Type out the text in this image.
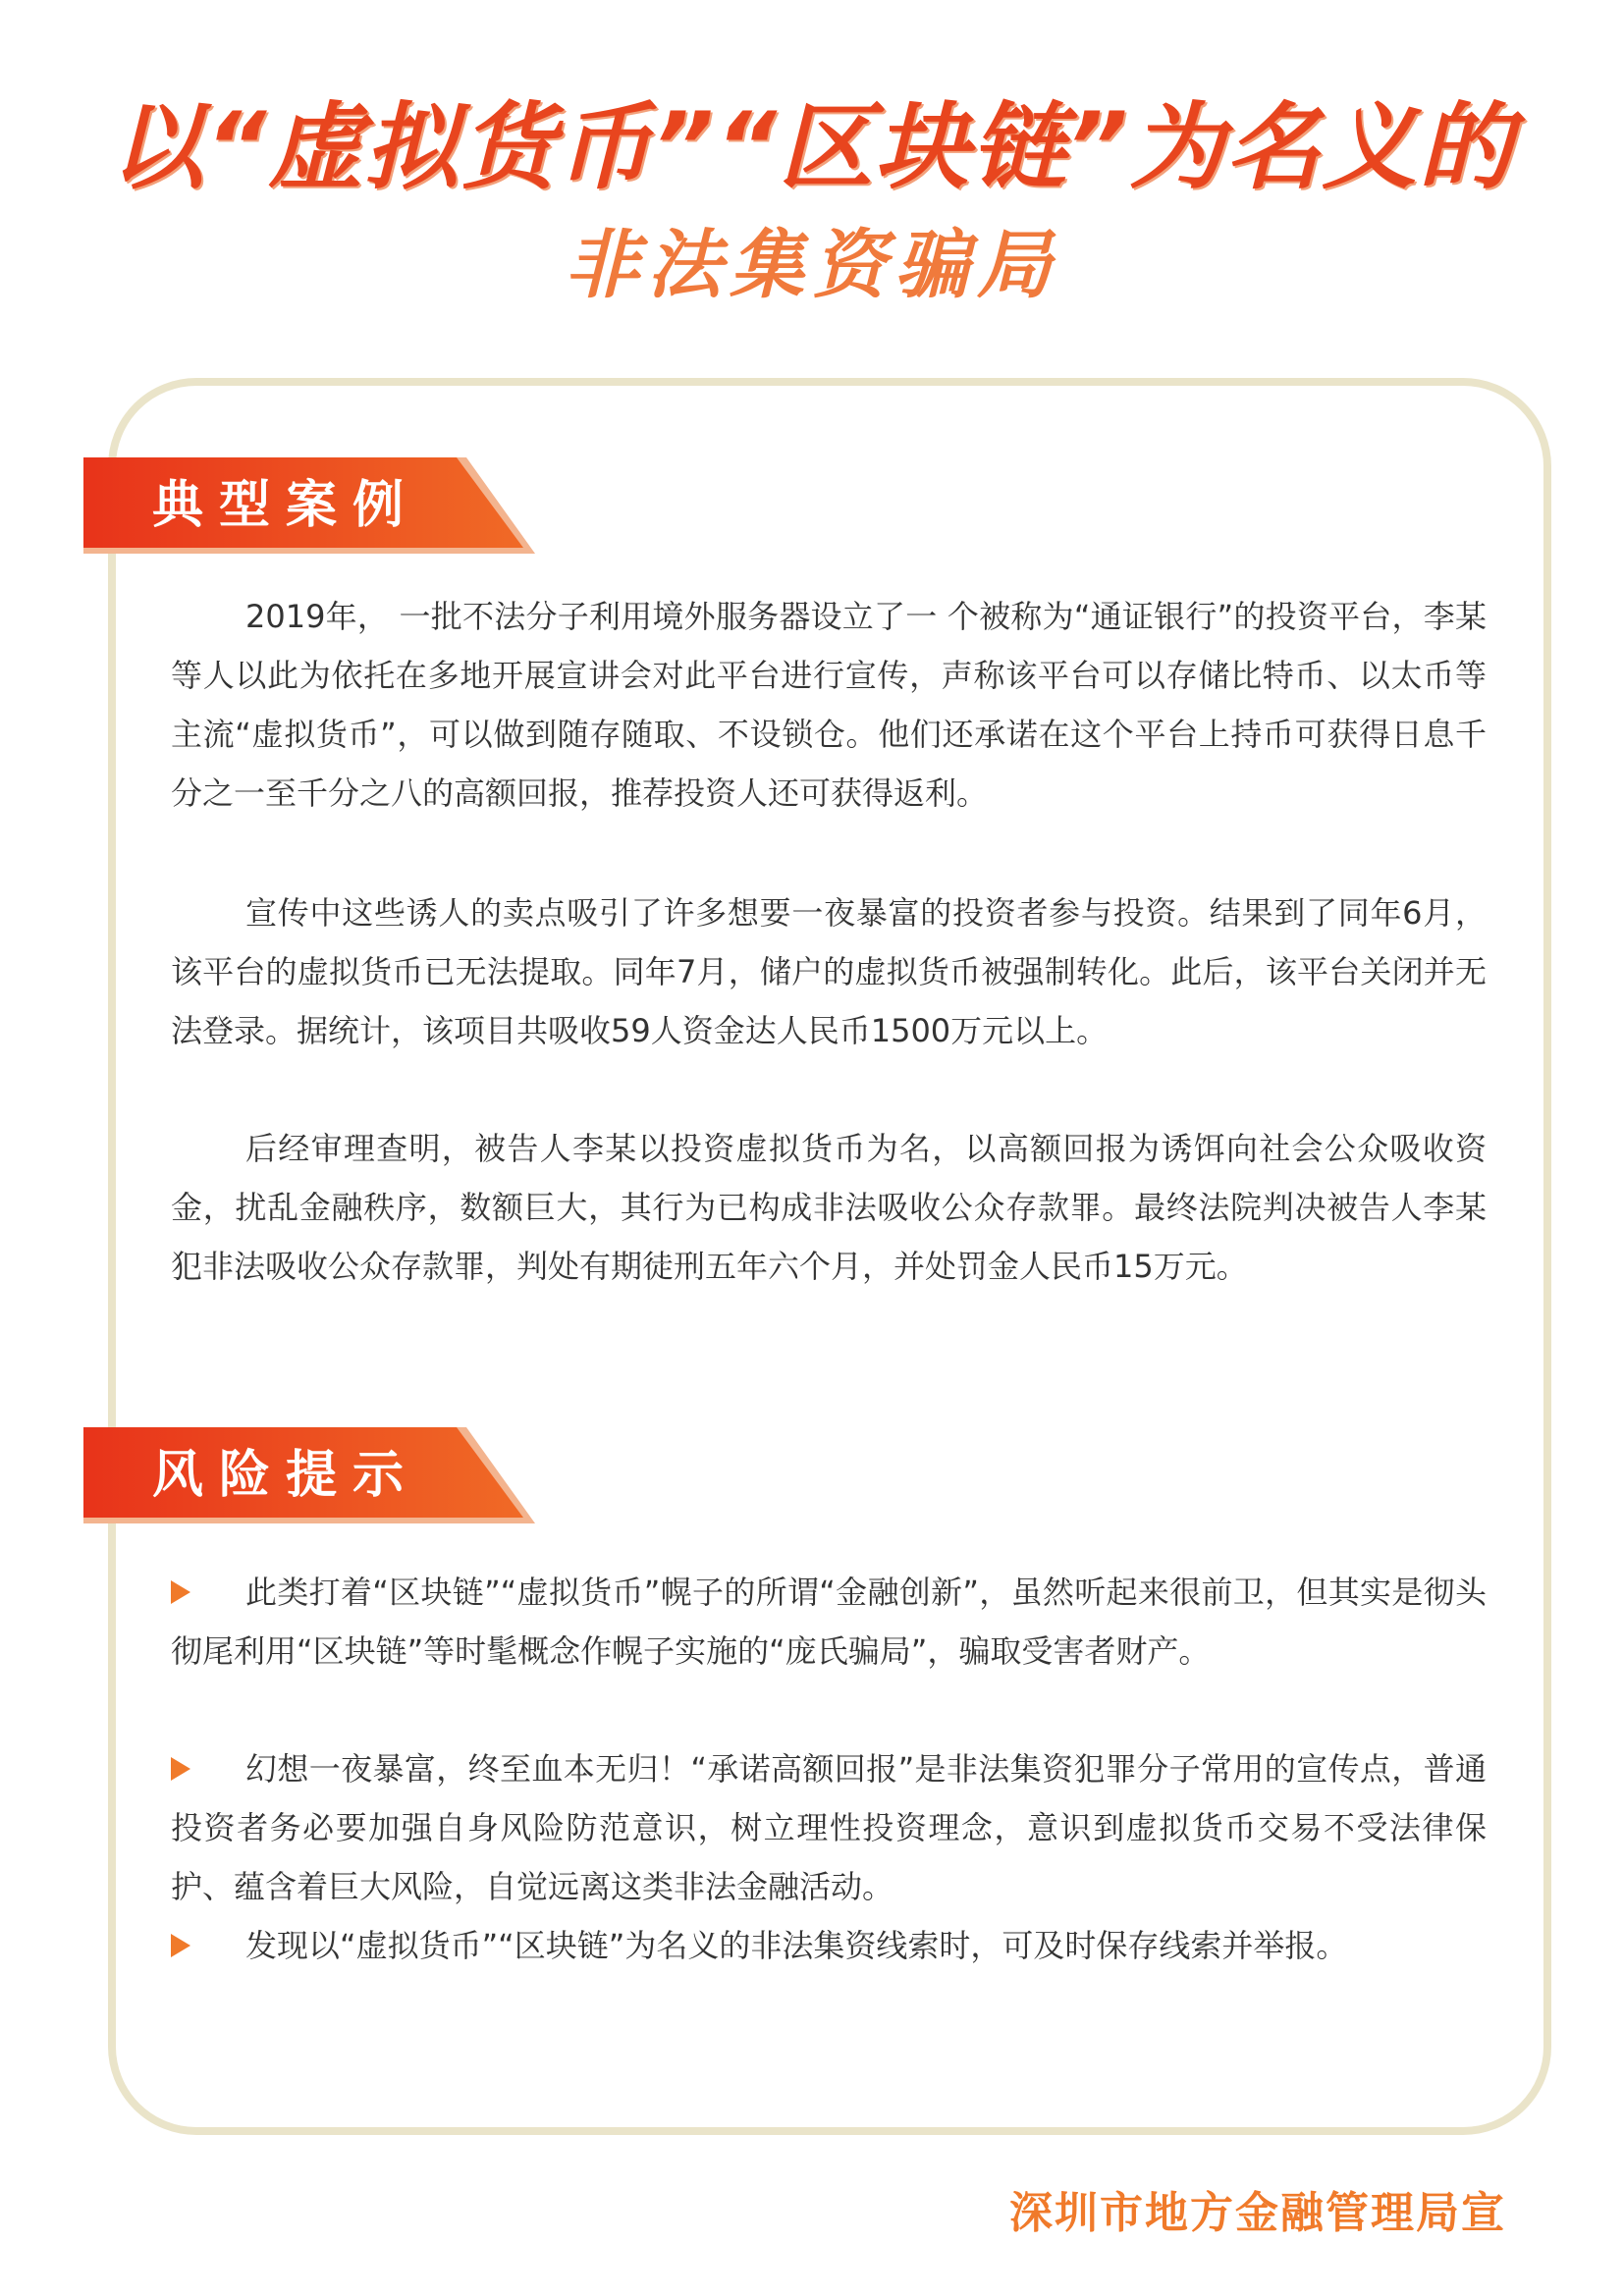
以“虚拟货币”“区块链”为名义的
非法集资骗局
典型案例

2019年， 一批不法分子利用境外服务器设立了一 个被称为“通证银行”的投资平台，李某等人以此为依托在多地开展宣讲会对此平台进行宣传，声称该平台可以存储比特币、以太币等主流“虚拟货币”，可以做到随存随取、不设锁仓。他们还承诺在这个平台上持币可获得日息千分之一至千分之八的高额回报，推荐投资人还可获得返利。

宣传中这些诱人的卖点吸引了许多想要一夜暴富的投资者参与投资。结果到了同年6月，该平台的虚拟货币已无法提取。同年7月，储户的虚拟货币被强制转化。此后，该平台关闭并无法登录。据统计，该项目共吸收59人资金达人民币1500万元以上。

后经审理查明，被告人李某以投资虚拟货币为名，以高额回报为诱饵向社会公众吸收资金，扰乱金融秩序，数额巨大，其行为已构成非法吸收公众存款罪。最终法院判决被告人李某犯非法吸收公众存款罪，判处有期徒刑五年六个月，并处罚金人民币15万元。

风险提示

此类打着“区块链”“虚拟货币”幌子的所谓“金融创新”，虽然听起来很前卫，但其实是彻头彻尾利用“区块链”等时髦概念作幌子实施的“庞氏骗局”，骗取受害者财产。

幻想一夜暴富，终至血本无归！“承诺高额回报”是非法集资犯罪分子常用的宣传点，普通投资者务必要加强自身风险防范意识，树立理性投资理念，意识到虚拟货币交易不受法律保护、蕴含着巨大风险，自觉远离这类非法金融活动。

发现以“虚拟货币”“区块链”为名义的非法集资线索时，可及时保存线索并举报。

深圳市地方金融管理局宣
